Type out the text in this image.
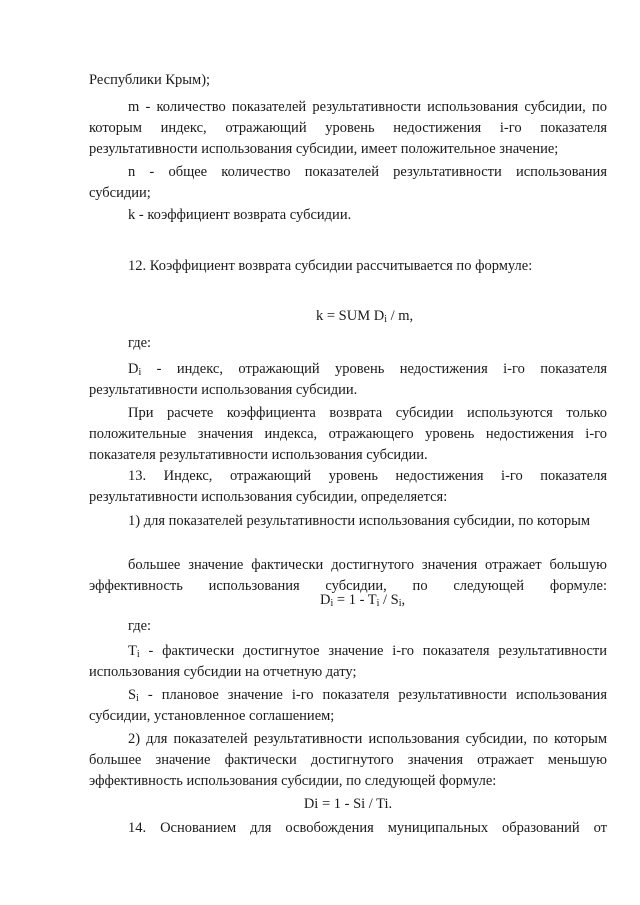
Республики Крым);

m - количество показателей результативности использования субсидии, по которым индекс, отражающий уровень недостижения i-го показателя результативности использования субсидии, имеет положительное значение;

n - общее количество показателей результативности использования субсидии;

k - коэффициент возврата субсидии.

12. Коэффициент возврата субсидии рассчитывается по формуле:

k = SUM $D_i$ / m,

где:

$D_i$ - индекс, отражающий уровень недостижения i-го показателя результативности использования субсидии.

При расчете коэффициента возврата субсидии используются только положительные значения индекса, отражающего уровень недостижения i-го показателя результативности использования субсидии.

13. Индекс, отражающий уровень недостижения i-го показателя результативности использования субсидии, определяется:

1) для показателей результативности использования субсидии, по которым

большее значение фактически достигнутого значения отражает большую эффективность использования субсидии, по следующей формуле:

$D_i = 1 - T_i / S_i$,

где:

$T_i$ - фактически достигнутое значение i-го показателя результативности использования субсидии на отчетную дату;

$S_i$ - плановое значение i-го показателя результативности использования субсидии, установленное соглашением;

2) для показателей результативности использования субсидии, по которым большее значение фактически достигнутого значения отражает меньшую эффективность использования субсидии, по следующей формуле:

Di = 1 - Si / Ti.

14. Основанием для освобождения муниципальных образований от
